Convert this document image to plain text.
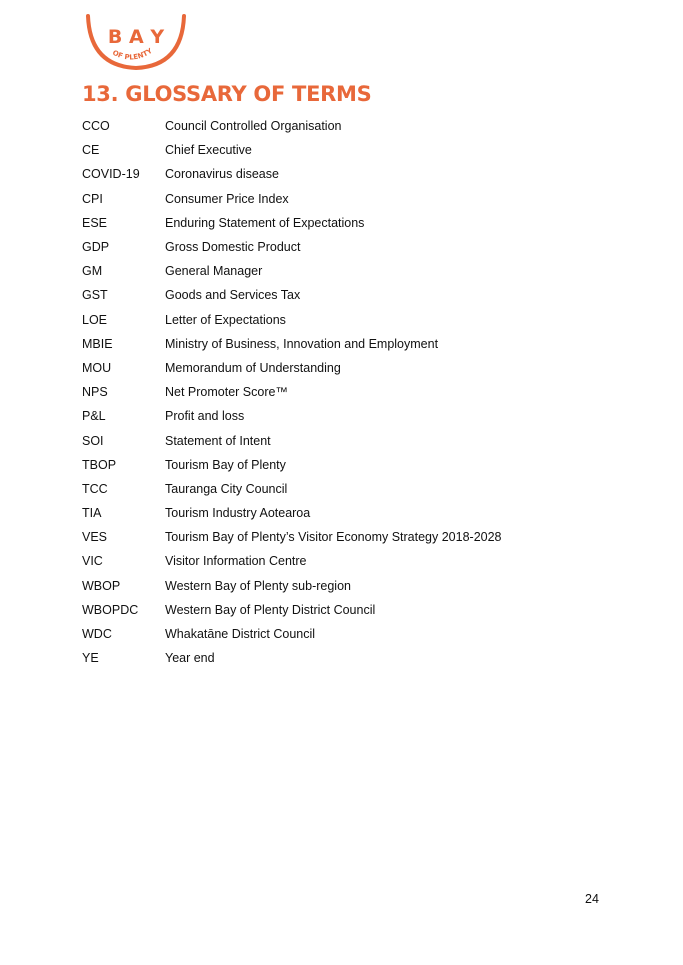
B A Y
OF PLENTY
13. GLOSSARY OF TERMS
CCO	Council Controlled Organisation
CE	Chief Executive
COVID-19	Coronavirus disease
CPI	Consumer Price Index
ESE	Enduring Statement of Expectations
GDP	Gross Domestic Product
GM	General Manager
GST	Goods and Services Tax
LOE	Letter of Expectations
MBIE	Ministry of Business, Innovation and Employment
MOU	Memorandum of Understanding
NPS	Net Promoter Score™
P&L	Profit and loss
SOI	Statement of Intent
TBOP	Tourism Bay of Plenty
TCC	Tauranga City Council
TIA	Tourism Industry Aotearoa
VES	Tourism Bay of Plenty’s Visitor Economy Strategy 2018-2028
VIC	Visitor Information Centre
WBOP	Western Bay of Plenty sub-region
WBOPDC	Western Bay of Plenty District Council
WDC	Whakatāne District Council
YE	Year end
24
